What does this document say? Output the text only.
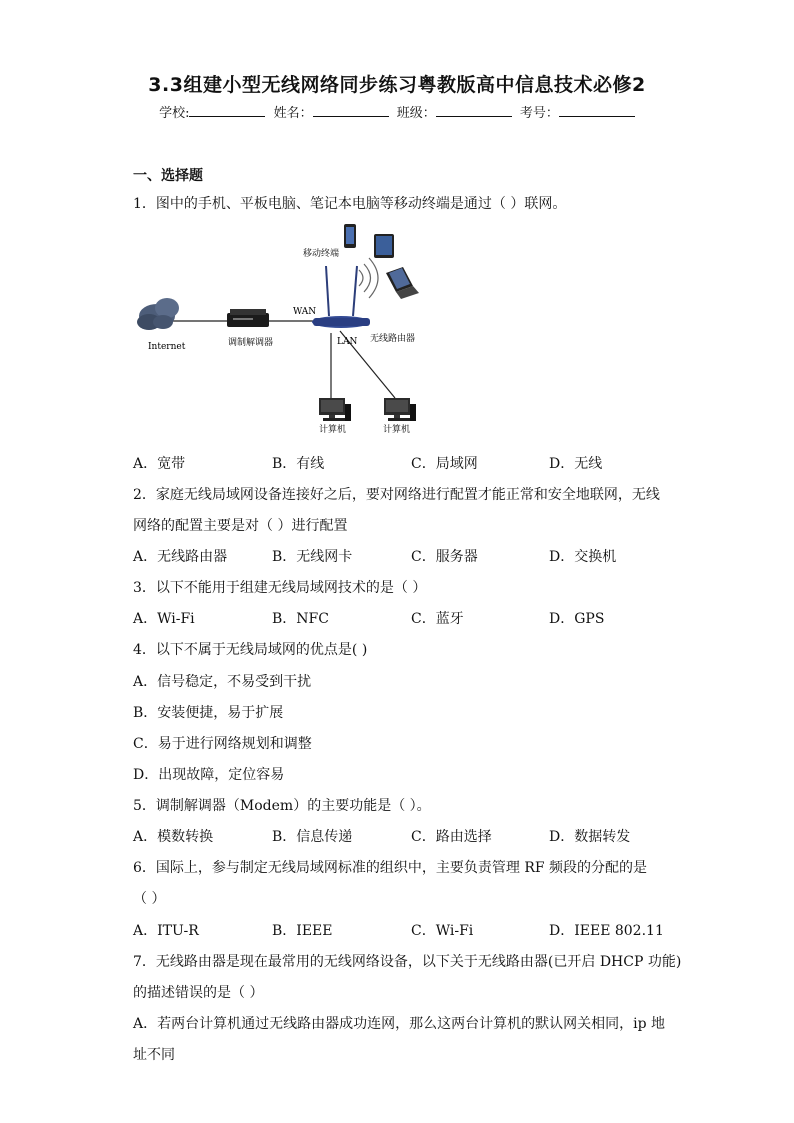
3.3组建小型无线网络同步练习粤教版高中信息技术必修2
学校:	姓名：	班级：	考号：
一、选择题
1．图中的手机、平板电脑、笔记本电脑等移动终端是通过（ ）联网。
Internet	调制解调器	无线路由器
WAN
LAN
移动终端
计算机	计算机
A．宽带	B．有线	C．局域网	D．无线
2．家庭无线局域网设备连接好之后，要对网络进行配置才能正常和安全地联网，无线
网络的配置主要是对（ ）进行配置
A．无线路由器	B．无线网卡	C．服务器	D．交换机
3．以下不能用于组建无线局域网技术的是（ ）
A．Wi-Fi	B．NFC	C．蓝牙	D．GPS
4．以下不属于无线局域网的优点是( )
A．信号稳定，不易受到干扰
B．安装便捷，易于扩展
C．易于进行网络规划和调整
D．出现故障，定位容易
5．调制解调器（Modem）的主要功能是（ ）。
A．模数转换	B．信息传递	C．路由选择	D．数据转发
6．国际上，参与制定无线局域网标准的组织中，主要负责管理 RF 频段的分配的是
（ ）
A．ITU-R	B．IEEE	C．Wi-Fi	D．IEEE 802.11
7．无线路由器是现在最常用的无线网络设备，以下关于无线路由器(已开启 DHCP 功能)
的描述错误的是（ ）
A．若两台计算机通过无线路由器成功连网，那么这两台计算机的默认网关相同，ip 地
址不同
